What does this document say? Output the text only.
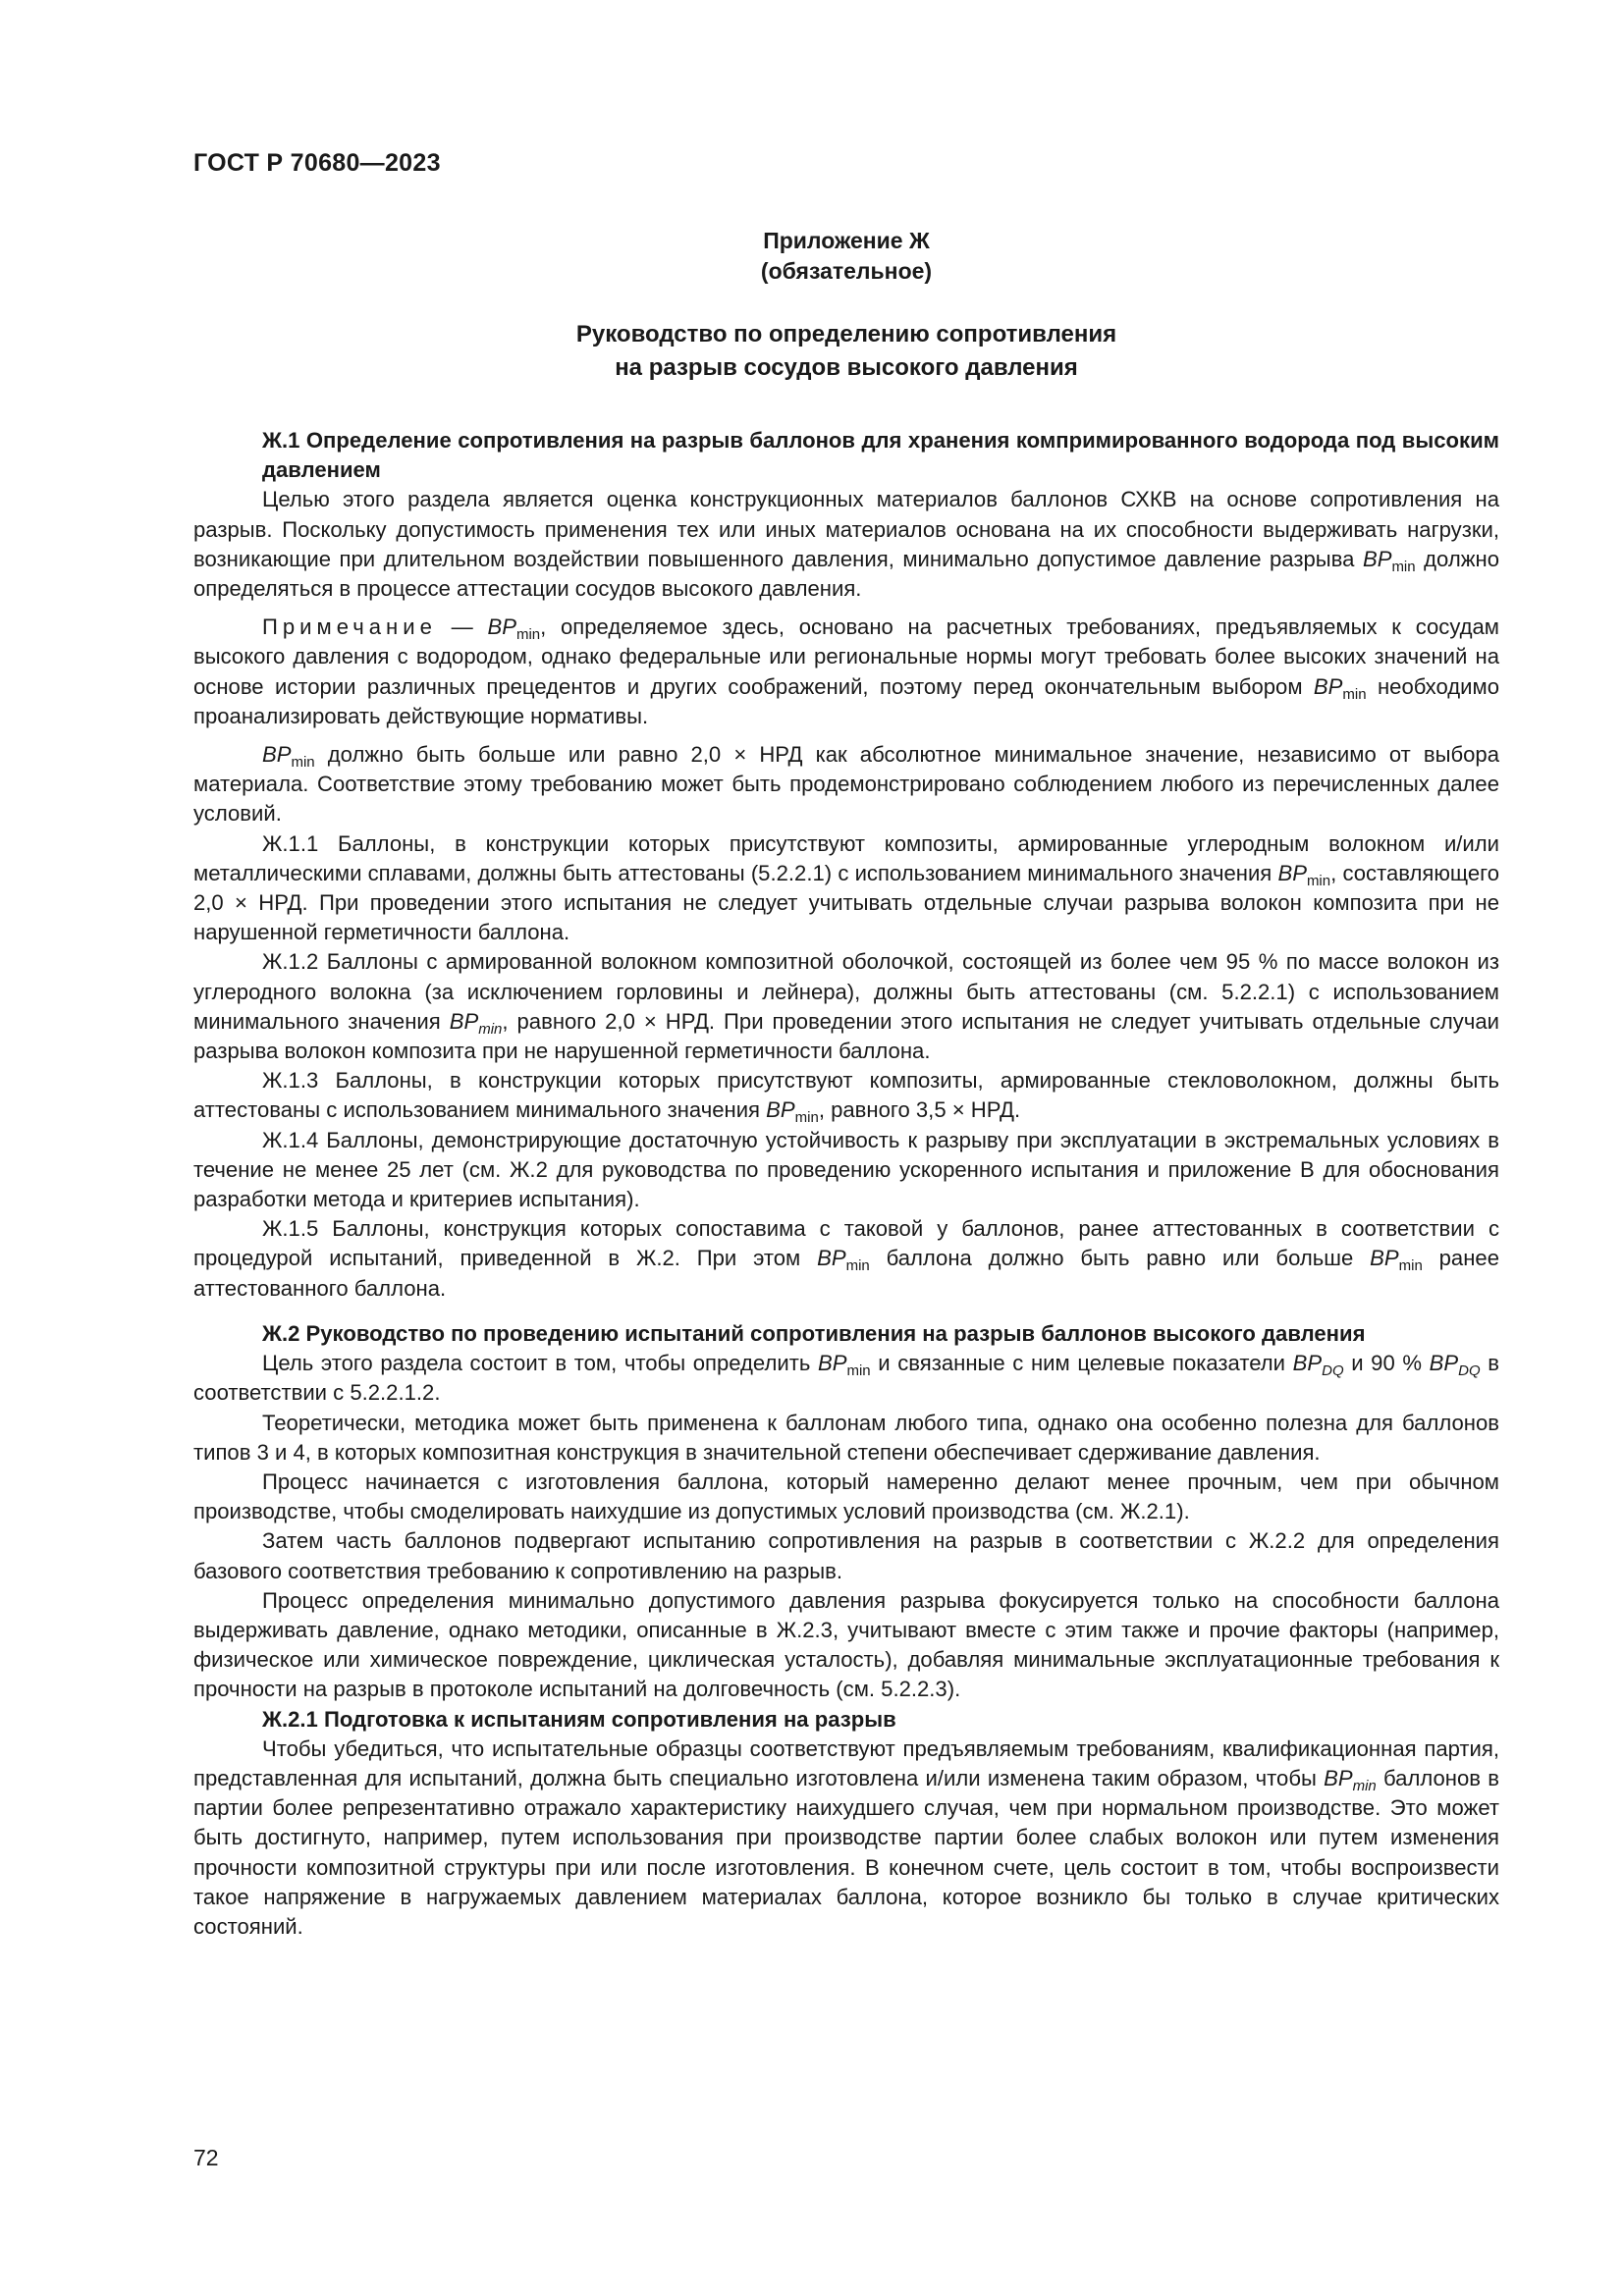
ГОСТ Р 70680—2023
Приложение Ж
(обязательное)
Руководство по определению сопротивления
на разрыв сосудов высокого давления

Ж.1 Определение сопротивления на разрыв баллонов для хранения компримированного водорода под высоким давлением

Целью этого раздела является оценка конструкционных материалов баллонов СХКВ на основе сопротивления на разрыв. Поскольку допустимость применения тех или иных материалов основана на их способности выдерживать нагрузки, возникающие при длительном воздействии повышенного давления, минимально допустимое давление разрыва $BP_{min}$ должно определяться в процессе аттестации сосудов высокого давления.

Примечание — $BP_{min}$, определяемое здесь, основано на расчетных требованиях, предъявляемых к сосудам высокого давления с водородом, однако федеральные или региональные нормы могут требовать более высоких значений на основе истории различных прецедентов и других соображений, поэтому перед окончательным выбором $BP_{min}$ необходимо проанализировать действующие нормативы.

$BP_{min}$ должно быть больше или равно 2,0 × НРД как абсолютное минимальное значение, независимо от выбора материала. Соответствие этому требованию может быть продемонстрировано соблюдением любого из перечисленных далее условий.

Ж.1.1 Баллоны, в конструкции которых присутствуют композиты, армированные углеродным волокном и/или металлическими сплавами, должны быть аттестованы (5.2.2.1) с использованием минимального значения $BP_{min}$, составляющего 2,0 × НРД. При проведении этого испытания не следует учитывать отдельные случаи разрыва волокон композита при не нарушенной герметичности баллона.

Ж.1.2 Баллоны с армированной волокном композитной оболочкой, состоящей из более чем 95 % по массе волокон из углеродного волокна (за исключением горловины и лейнера), должны быть аттестованы (см. 5.2.2.1) с использованием минимального значения $BP_{min}$, равного 2,0 × НРД. При проведении этого испытания не следует учитывать отдельные случаи разрыва волокон композита при не нарушенной герметичности баллона.

Ж.1.3 Баллоны, в конструкции которых присутствуют композиты, армированные стекловолокном, должны быть аттестованы с использованием минимального значения $BP_{min}$, равного 3,5 × НРД.

Ж.1.4 Баллоны, демонстрирующие достаточную устойчивость к разрыву при эксплуатации в экстремальных условиях в течение не менее 25 лет (см. Ж.2 для руководства по проведению ускоренного испытания и приложение В для обоснования разработки метода и критериев испытания).

Ж.1.5 Баллоны, конструкция которых сопоставима с таковой у баллонов, ранее аттестованных в соответствии с процедурой испытаний, приведенной в Ж.2. При этом $BP_{min}$ баллона должно быть равно или больше $BP_{min}$ ранее аттестованного баллона.

Ж.2 Руководство по проведению испытаний сопротивления на разрыв баллонов высокого давления

Цель этого раздела состоит в том, чтобы определить $BP_{min}$ и связанные с ним целевые показатели $BP_{DQ}$ и 90 % $BP_{DQ}$ в соответствии с 5.2.2.1.2.

Теоретически, методика может быть применена к баллонам любого типа, однако она особенно полезна для баллонов типов 3 и 4, в которых композитная конструкция в значительной степени обеспечивает сдерживание давления.

Процесс начинается с изготовления баллона, который намеренно делают менее прочным, чем при обычном производстве, чтобы смоделировать наихудшие из допустимых условий производства (см. Ж.2.1).

Затем часть баллонов подвергают испытанию сопротивления на разрыв в соответствии с Ж.2.2 для определения базового соответствия требованию к сопротивлению на разрыв.

Процесс определения минимально допустимого давления разрыва фокусируется только на способности баллона выдерживать давление, однако методики, описанные в Ж.2.3, учитывают вместе с этим также и прочие факторы (например, физическое или химическое повреждение, циклическая усталость), добавляя минимальные эксплуатационные требования к прочности на разрыв в протоколе испытаний на долговечность (см. 5.2.2.3).

Ж.2.1 Подготовка к испытаниям сопротивления на разрыв

Чтобы убедиться, что испытательные образцы соответствуют предъявляемым требованиям, квалификационная партия, представленная для испытаний, должна быть специально изготовлена и/или изменена таким образом, чтобы $BP_{min}$ баллонов в партии более репрезентативно отражало характеристику наихудшего случая, чем при нормальном производстве. Это может быть достигнуто, например, путем использования при производстве партии более слабых волокон или путем изменения прочности композитной структуры при или после изготовления. В конечном счете, цель состоит в том, чтобы воспроизвести такое напряжение в нагружаемых давлением материалах баллона, которое возникло бы только в случае критических состояний.

72
